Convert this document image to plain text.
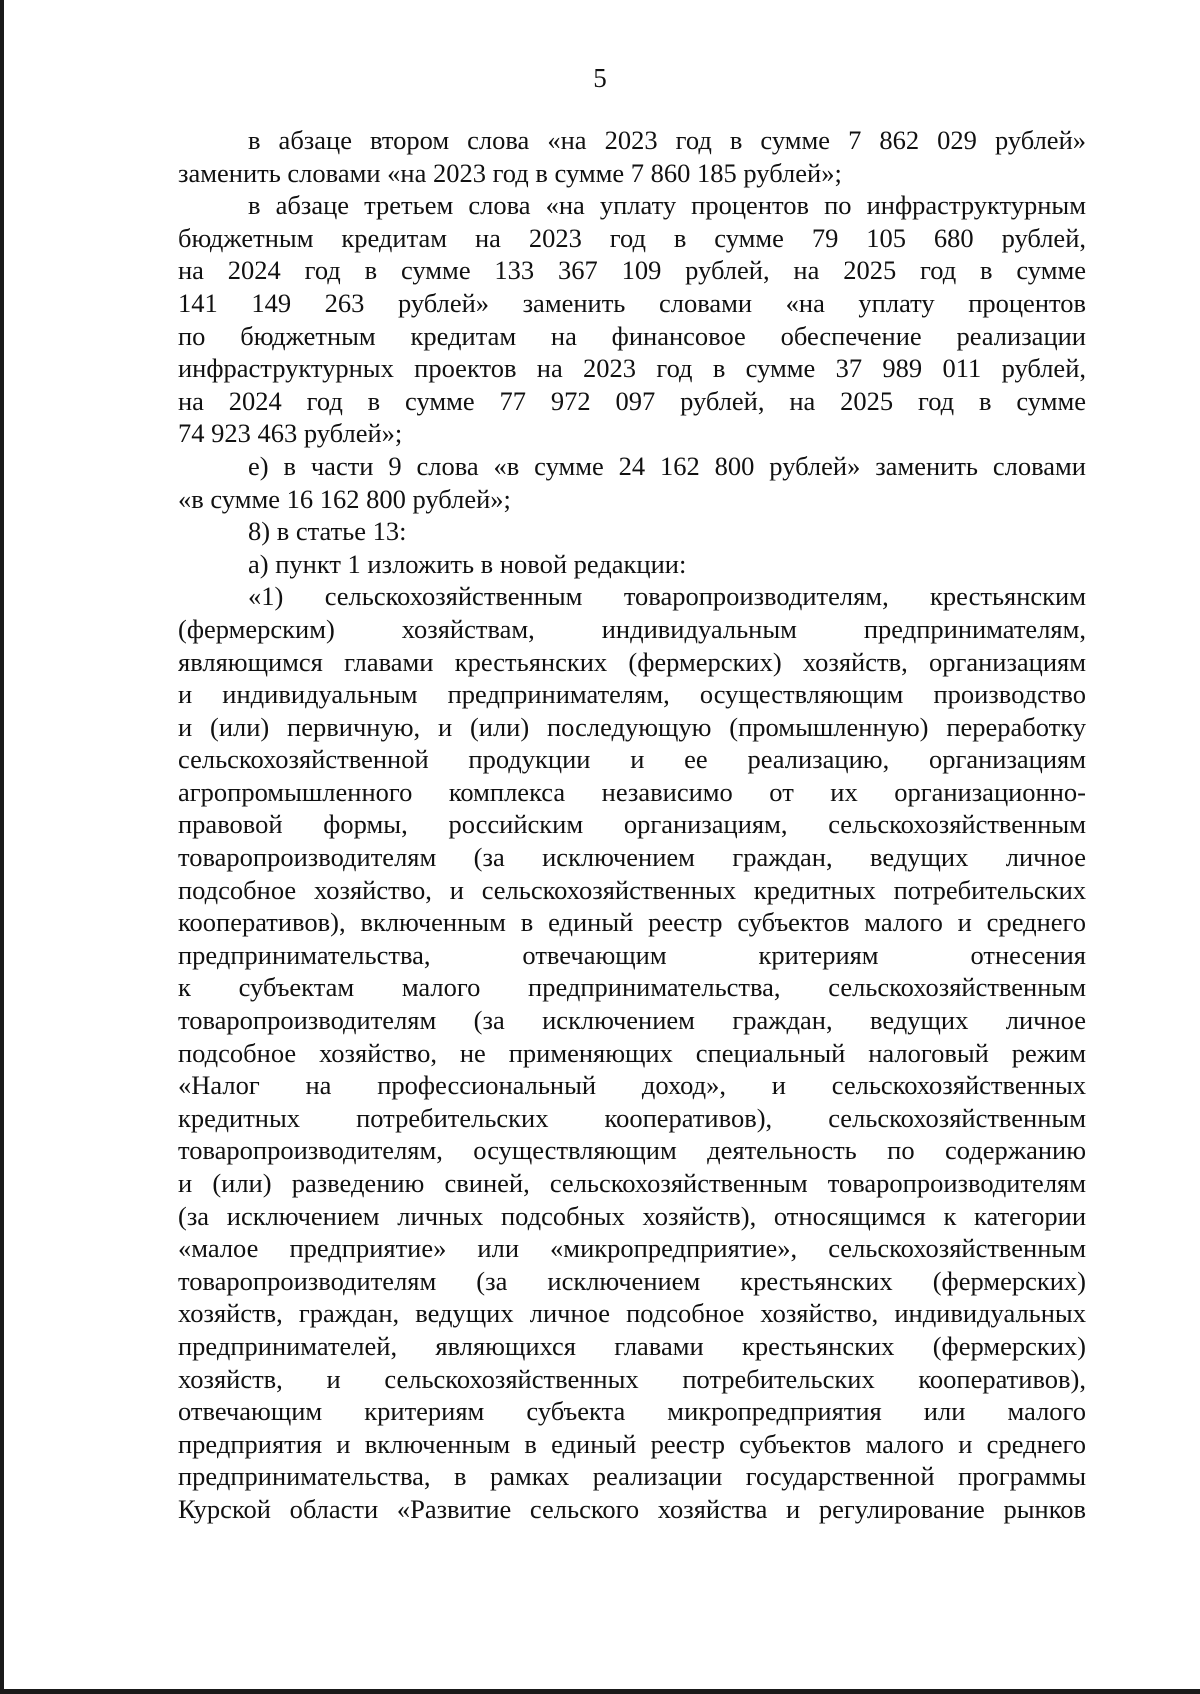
5
в абзаце втором слова «на 2023 год в сумме 7 862 029 рублей»
заменить словами «на 2023 год в сумме 7 860 185 рублей»;
в абзаце третьем слова «на уплату процентов по инфраструктурным
бюджетным кредитам на 2023 год в сумме 79 105 680 рублей,
на 2024 год в сумме 133 367 109 рублей, на 2025 год в сумме
141 149 263 рублей» заменить словами «на уплату процентов
по бюджетным кредитам на финансовое обеспечение реализации
инфраструктурных проектов на 2023 год в сумме 37 989 011 рублей,
на 2024 год в сумме 77 972 097 рублей, на 2025 год в сумме
74 923 463 рублей»;
е) в части 9 слова «в сумме 24 162 800 рублей» заменить словами
«в сумме 16 162 800 рублей»;
8) в статье 13:
а) пункт 1 изложить в новой редакции:
«1) сельскохозяйственным товаропроизводителям, крестьянским
(фермерским) хозяйствам, индивидуальным предпринимателям,
являющимся главами крестьянских (фермерских) хозяйств, организациям
и индивидуальным предпринимателям, осуществляющим производство
и (или) первичную, и (или) последующую (промышленную) переработку
сельскохозяйственной продукции и ее реализацию, организациям
агропромышленного комплекса независимо от их организационно-
правовой формы, российским организациям, сельскохозяйственным
товаропроизводителям (за исключением граждан, ведущих личное
подсобное хозяйство, и сельскохозяйственных кредитных потребительских
кооперативов), включенным в единый реестр субъектов малого и среднего
предпринимательства, отвечающим критериям отнесения
к субъектам малого предпринимательства, сельскохозяйственным
товаропроизводителям (за исключением граждан, ведущих личное
подсобное хозяйство, не применяющих специальный налоговый режим
«Налог на профессиональный доход», и сельскохозяйственных
кредитных потребительских кооперативов), сельскохозяйственным
товаропроизводителям, осуществляющим деятельность по содержанию
и (или) разведению свиней, сельскохозяйственным товаропроизводителям
(за исключением личных подсобных хозяйств), относящимся к категории
«малое предприятие» или «микропредприятие», сельскохозяйственным
товаропроизводителям (за исключением крестьянских (фермерских)
хозяйств, граждан, ведущих личное подсобное хозяйство, индивидуальных
предпринимателей, являющихся главами крестьянских (фермерских)
хозяйств, и сельскохозяйственных потребительских кооперативов),
отвечающим критериям субъекта микропредприятия или малого
предприятия и включенным в единый реестр субъектов малого и среднего
предпринимательства, в рамках реализации государственной программы
Курской области «Развитие сельского хозяйства и регулирование рынков
